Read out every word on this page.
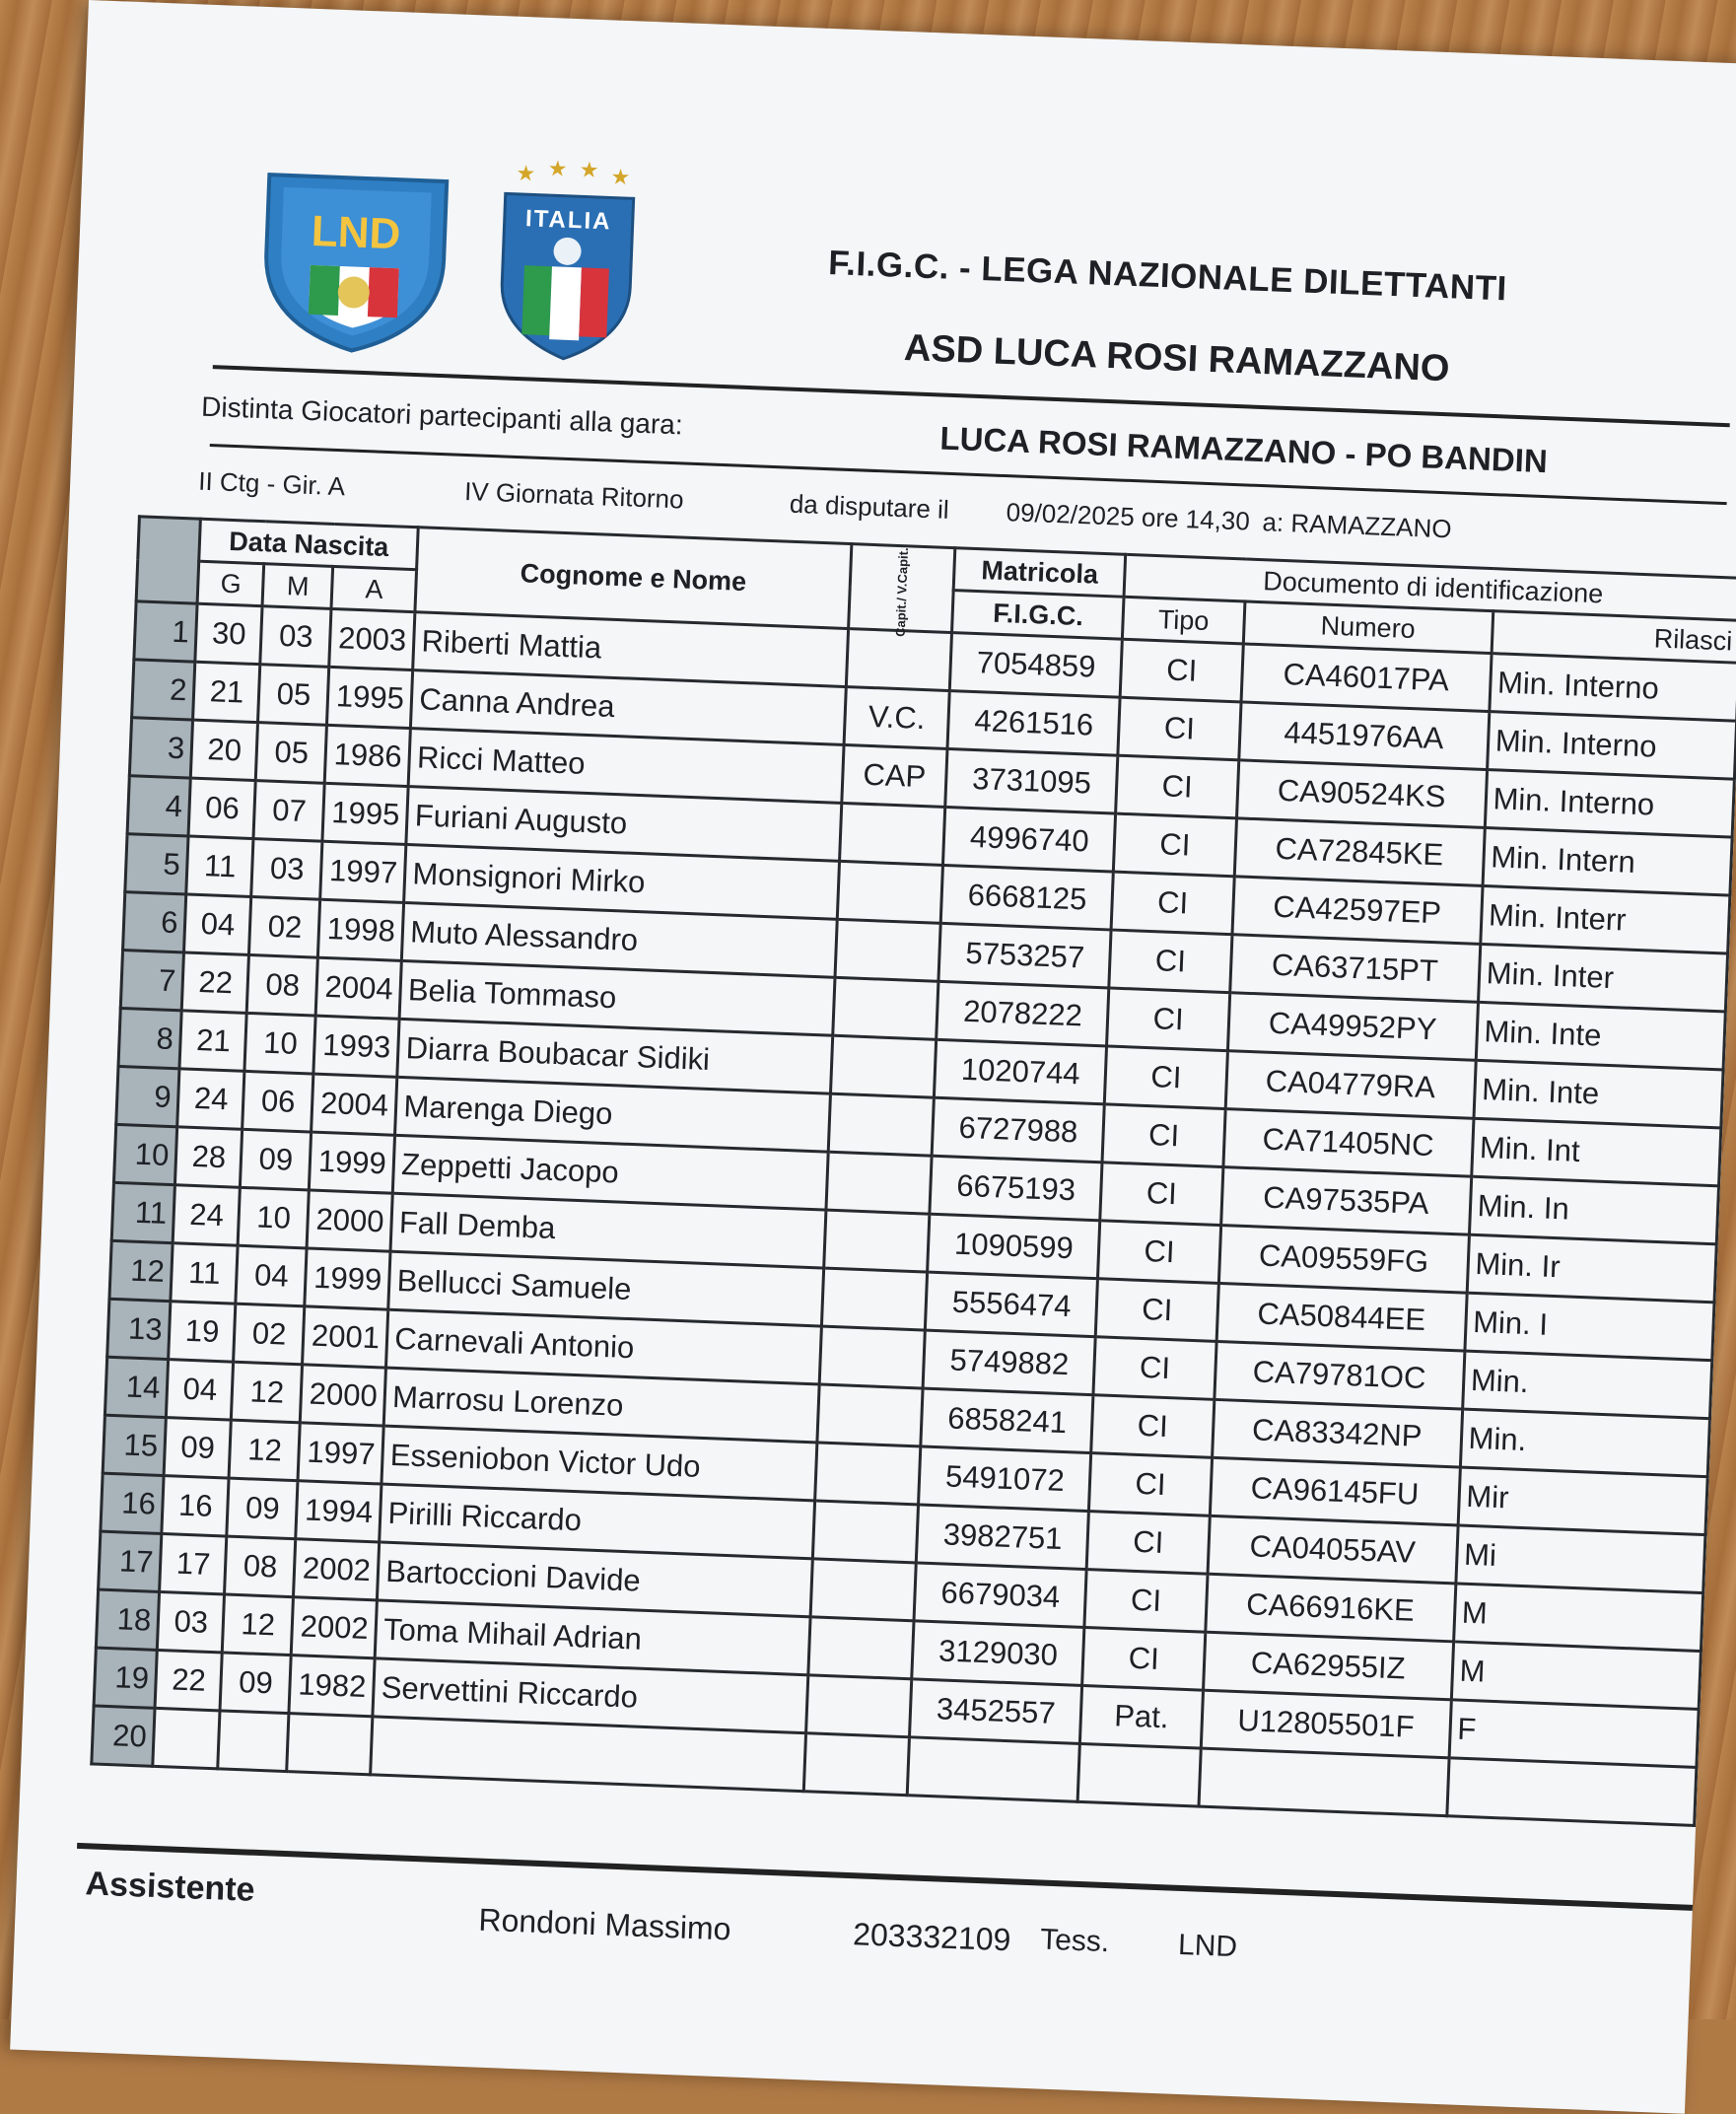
LND
★ ★ ★ ★
ITALIA
F.I.G.C. - LEGA NAZIONALE DILETTANTI
ASD LUCA ROSI RAMAZZANO
Distinta Giocatori partecipanti alla gara:
LUCA ROSI RAMAZZANO - PO BANDIN
II Ctg - Gir. A	IV Giornata Ritorno	da disputare il 09/02/2025 ore 14,30 a: RAMAZZANO
	Data Nascita			Cognome e Nome	Capit./ V.Capit.	Matricola	Documento di identificazione		
	G	M	A			F.I.G.C.	Tipo	Numero	Rilasci
1	30	03	2003	Riberti Mattia		7054859	CI	CA46017PA	Min. Interno
2	21	05	1995	Canna Andrea	V.C.	4261516	CI	4451976AA	Min. Interno
3	20	05	1986	Ricci Matteo	CAP	3731095	CI	CA90524KS	Min. Interno
4	06	07	1995	Furiani Augusto		4996740	CI	CA72845KE	Min. Intern
5	11	03	1997	Monsignori Mirko		6668125	CI	CA42597EP	Min. Interr
6	04	02	1998	Muto Alessandro		5753257	CI	CA63715PT	Min. Inter
7	22	08	2004	Belia Tommaso		2078222	CI	CA49952PY	Min. Inte
8	21	10	1993	Diarra Boubacar Sidiki		1020744	CI	CA04779RA	Min. Inte
9	24	06	2004	Marenga Diego		6727988	CI	CA71405NC	Min. Int
10	28	09	1999	Zeppetti Jacopo		6675193	CI	CA97535PA	Min. In
11	24	10	2000	Fall Demba		1090599	CI	CA09559FG	Min. Ir
12	11	04	1999	Bellucci Samuele		5556474	CI	CA50844EE	Min. I
13	19	02	2001	Carnevali Antonio		5749882	CI	CA79781OC	Min.
14	04	12	2000	Marrosu Lorenzo		6858241	CI	CA83342NP	Min.
15	09	12	1997	Esseniobon Victor Udo		5491072	CI	CA96145FU	Mir
16	16	09	1994	Pirilli Riccardo		3982751	CI	CA04055AV	Mi
17	17	08	2002	Bartoccioni Davide		6679034	CI	CA66916KE	M
18	03	12	2002	Toma Mihail Adrian		3129030	CI	CA62955IZ	M
19	22	09	1982	Servettini Riccardo		3452557	Pat.	U12805501F	F
20									
Assistente
Rondoni Massimo	203332109 Tess. LND
